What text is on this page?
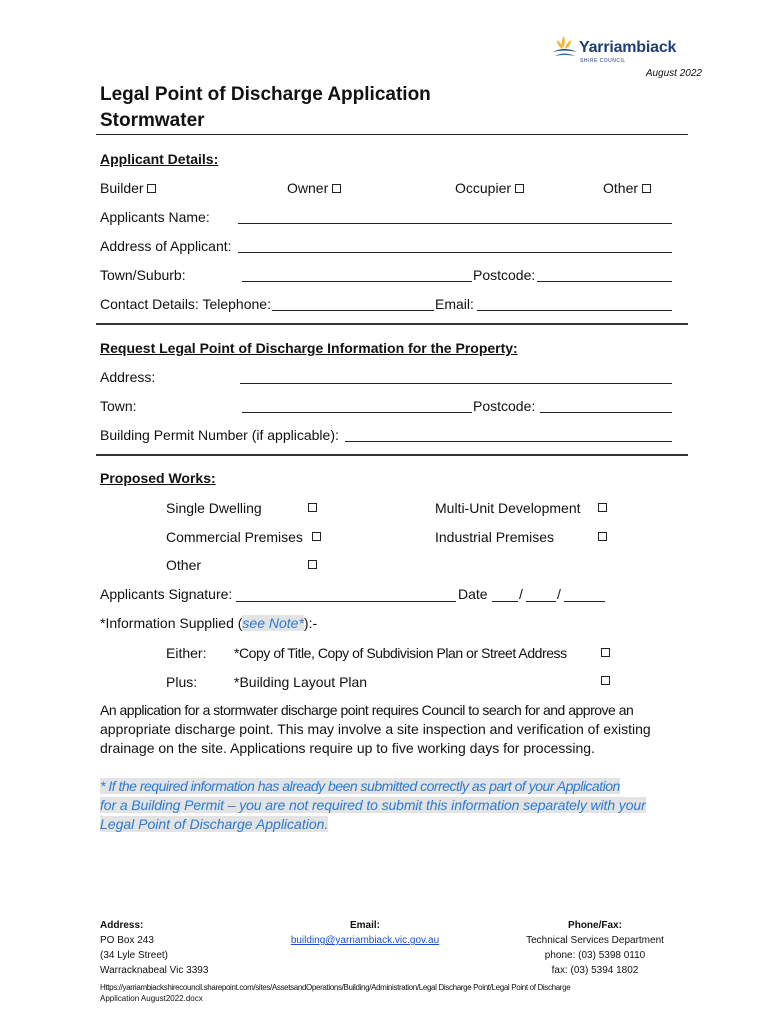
Yarriambiack
SHIRE COUNCIL
August 2022
Legal Point of Discharge Application
Stormwater
Applicant Details:
Builder	Owner	Occupier	Other
Applicants Name:
Address of Applicant:
Town/Suburb:	Postcode:
Contact Details: Telephone:	Email:
Request Legal Point of Discharge Information for the Property:
Address:
Town:	Postcode:
Building Permit Number (if applicable):
Proposed Works:
Single Dwelling	Multi-Unit Development
Commercial Premises	Industrial Premises
Other
Applicants Signature:	Date / /
*Information Supplied (see Note*):-
Either: *Copy of Title, Copy of Subdivision Plan or Street Address
Plus:	*Building Layout Plan
An application for a stormwater discharge point requires Council to search for and approve an
appropriate discharge point. This may involve a site inspection and verification of existing
drainage on the site. Applications require up to five working days for processing.
* If the required information has already been submitted correctly as part of your Application
for a Building Permit – you are not required to submit this information separately with your
Legal Point of Discharge Application.
Address:
PO Box 243
(34 Lyle Street)
Warracknabeal Vic 3393
Email:
building@yarriambiack.vic.gov.au
Phone/Fax:
Technical Services Department
phone: (03) 5398 0110
fax: (03) 5394 1802
Https://yarriambiackshirecouncil.sharepoint.com/sites/AssetsandOperations/Building/Administration/Legal Discharge Point/Legal Point of Discharge
Application August2022.docx
